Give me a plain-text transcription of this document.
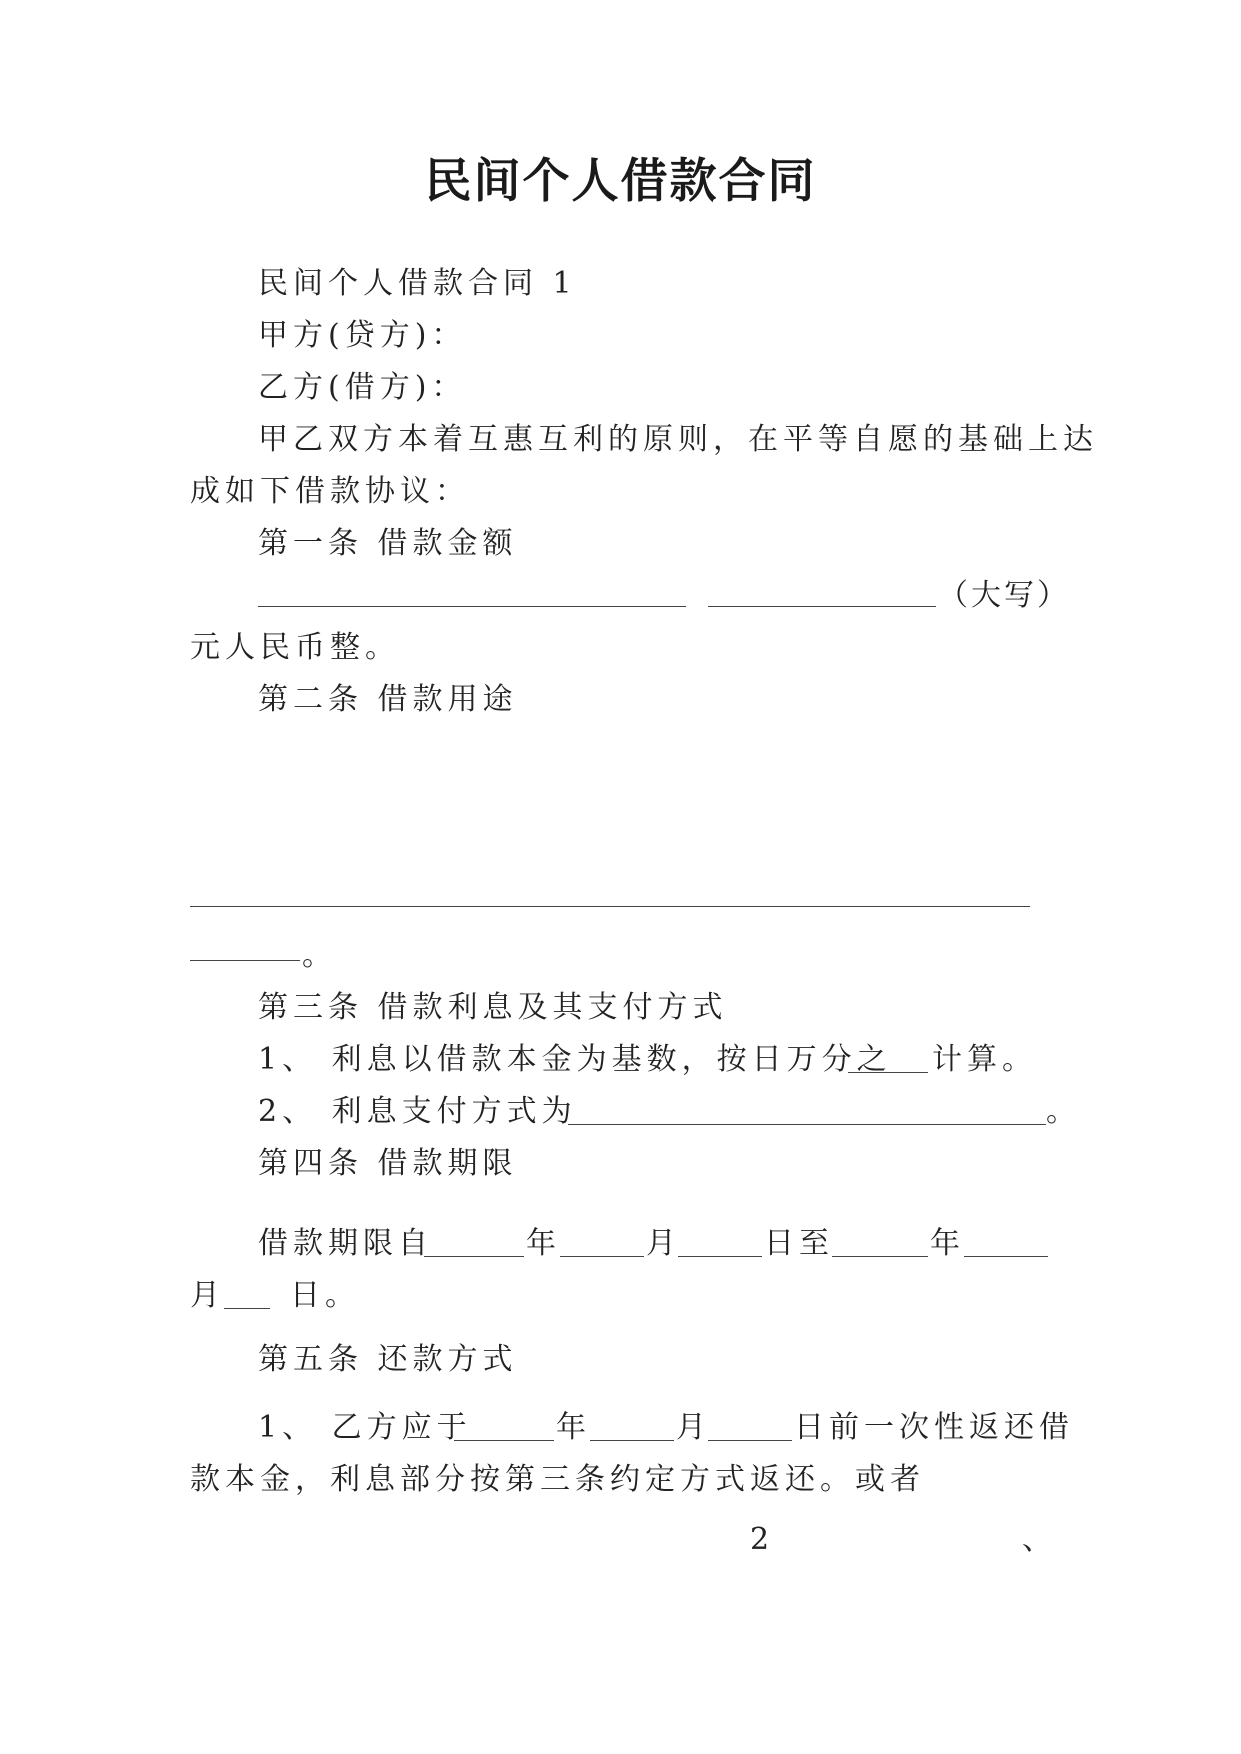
民间个人借款合同
民间个人借款合同 1
甲方(贷方)：
乙方(借方)：
甲乙双方本着互惠互利的原则，在平等自愿的基础上达
成如下借款协议：
第一条 借款金额
（大写）
元人民币整。
第二条 借款用途
。
第三条 借款利息及其支付方式
1、 利息以借款本金为基数，按日万分之 计算。
2、 利息支付方式为	。
第四条 借款期限
借款期限自	年	月	日至	年
月 日。
第五条 还款方式
1、 乙方应于	年	月	日前一次性返还借
款本金，利息部分按第三条约定方式返还。或者
2	、
